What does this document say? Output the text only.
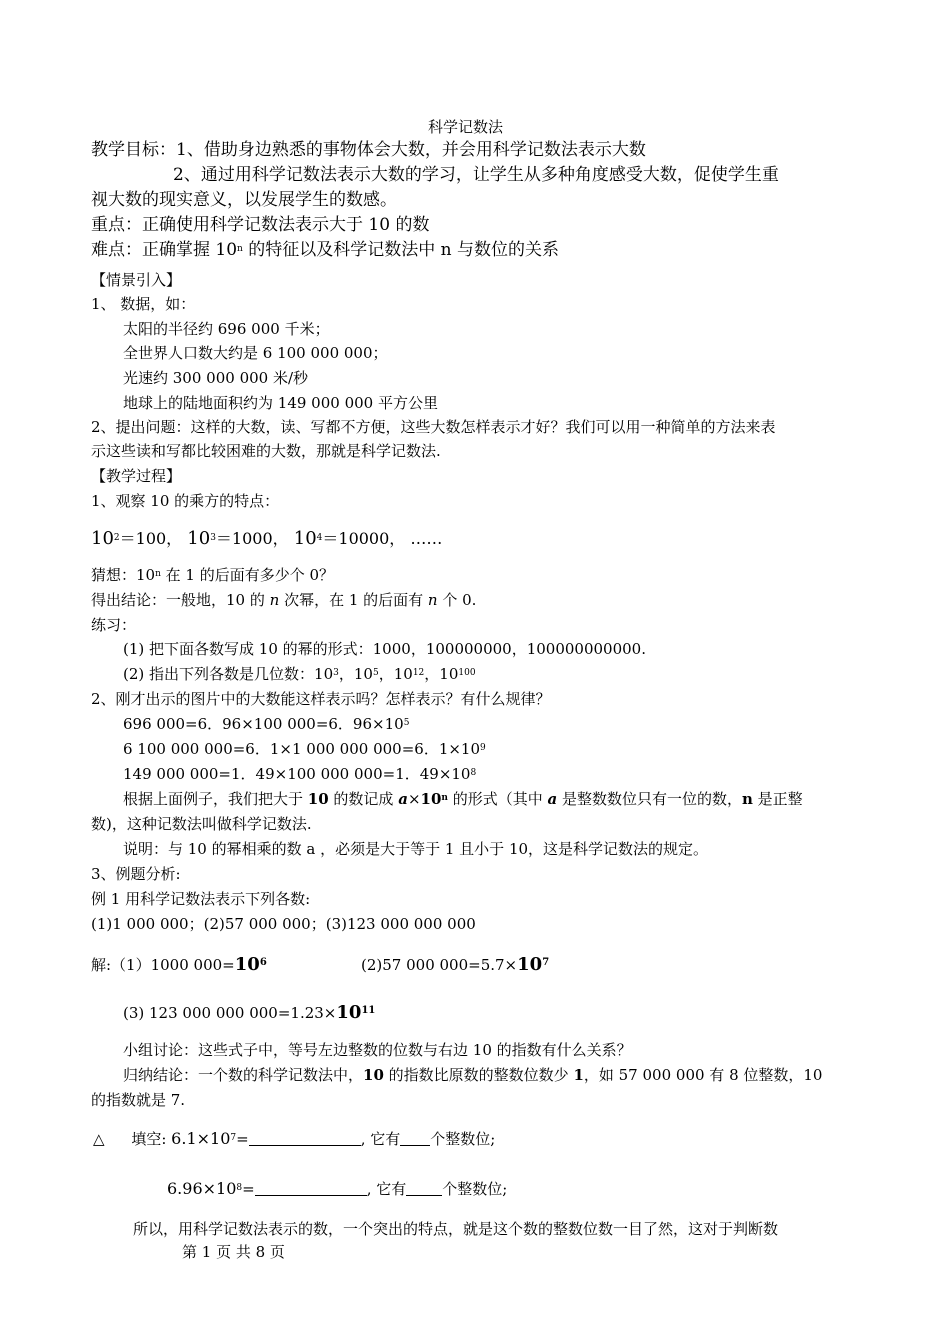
科学记数法
教学目标：1、借助身边熟悉的事物体会大数，并会用科学记数法表示大数
2、通过用科学记数法表示大数的学习，让学生从多种角度感受大数，促使学生重
视大数的现实意义，以发展学生的数感。
重点：正确使用科学记数法表示大于 10 的数
难点：正确掌握 10$^n$ 的特征以及科学记数法中 n 与数位的关系
【情景引入】
1、 数据，如：
太阳的半径约 696 000 千米；
全世界人口数大约是 6 100 000 000；
光速约 300 000 000 米/秒
地球上的陆地面积约为 149 000 000 平方公里
2、提出问题：这样的大数，读、写都不方便，这些大数怎样表示才好？我们可以用一种简单的方法来表
示这些读和写都比较困难的大数，那就是科学记数法.
【教学过程】
1、观察 10 的乘方的特点：
$10^2=100$， $10^3=1000$， $10^4=10000$， ……
猜想：10$^n$ 在 1 的后面有多少个 0？
得出结论：一般地，10 的 n 次幂，在 1 的后面有 n 个 0.
练习：
(1) 把下面各数写成 10 的幂的形式：1000，100000000，100000000000.
(2) 指出下列各数是几位数：$10^3$，$10^5$，$10^{12}$，$10^{100}$
2、刚才出示的图片中的大数能这样表示吗？怎样表示？有什么规律？
696 000=6．96×100 000=6．$96\times 10^5$
6 100 000 000=6．1×1 000 000 000=6．$1\times 10^9$
149 000 000=1．49×100 000 000=1．$49\times 10^8$
根据上面例子，我们把大于 10 的数记成 $a\times 10^n$ 的形式（其中 a 是整数数位只有一位的数，n 是正整
数)，这种记数法叫做科学记数法.
说明：与 10 的幂相乘的数 a ，必须是大于等于 1 且小于 10，这是科学记数法的规定。
3、例题分析:
例 1 用科学记数法表示下列各数:
(1)1 000 000；(2)57 000 000；(3)123 000 000 000
解:（1）1000 $000=10^6$	(2)57 000 $000=5.7\times 10^7$
(3) 123 000 000 $000=1.23\times 10^{11}$
小组讨论：这些式子中，等号左边整数的位数与右边 10 的指数有什么关系？
归纳结论：一个数的科学记数法中，10 的指数比原数的整数位数少 1，如 57 000 000 有 8 位整数，10
的指数就是 7.
△ 填空: $6.1\times 10^7=$	, 它有 个整数位;
$6.96\times 10^8=$	, 它有 个整数位;
所以，用科学记数法表示的数，一个突出的特点，就是这个数的整数位数一目了然，这对于判断数
第 1 页 共 8 页
